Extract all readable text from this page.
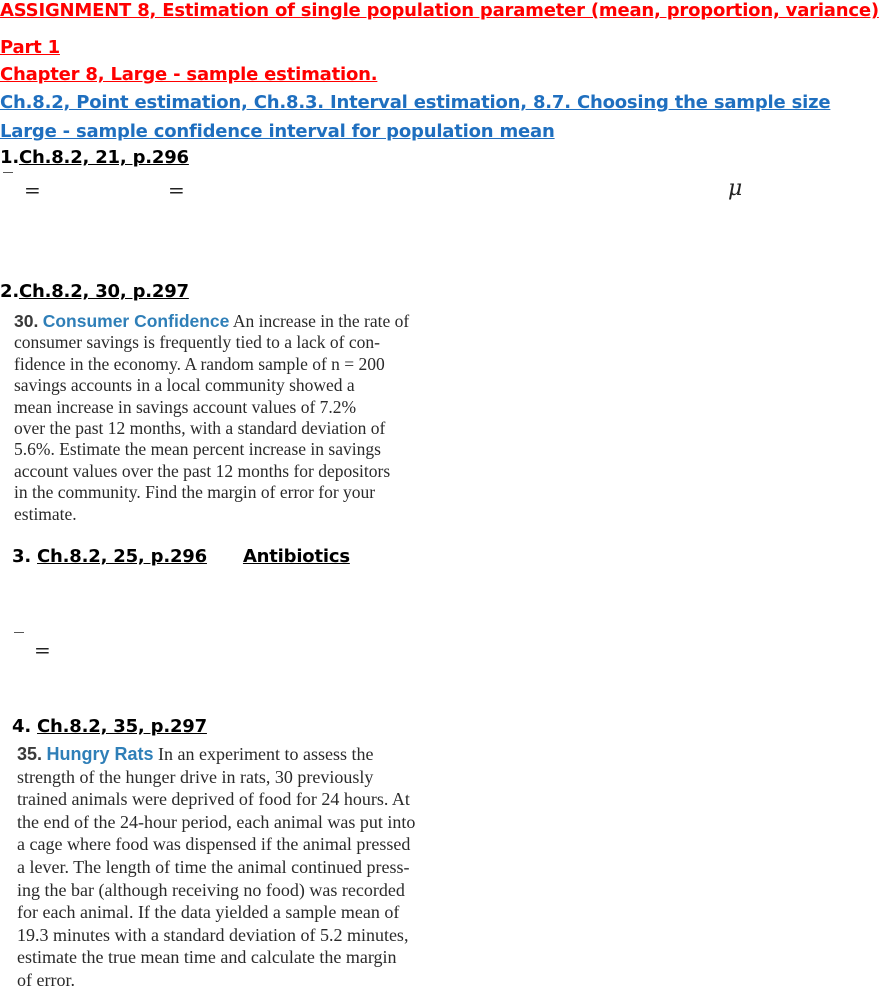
ASSIGNMENT 8, Estimation of single population parameter (mean, proportion, variance)
Part 1
Chapter 8, Large - sample estimation.
Ch.8.2, Point estimation, Ch.8.3. Interval estimation, 8.7. Choosing the sample size
Large - sample confidence interval for population mean
1.Ch.8.2, 21, p.296
‾ =	=	μ
2.Ch.8.2, 30, p.297
30. Consumer Confidence An increase in the rate of
consumer savings is frequently tied to a lack of con-
fidence in the economy. A random sample of n = 200
savings accounts in a local community showed a
mean increase in savings account values of 7.2%
over the past 12 months, with a standard deviation of
5.6%. Estimate the mean percent increase in savings
account values over the past 12 months for depositors
in the community. Find the margin of error for your
estimate.
3. Ch.8.2, 25, p.296 Antibiotics
‾ =
4. Ch.8.2, 35, p.297
35. Hungry Rats In an experiment to assess the
strength of the hunger drive in rats, 30 previously
trained animals were deprived of food for 24 hours. At
the end of the 24-hour period, each animal was put into
a cage where food was dispensed if the animal pressed
a lever. The length of time the animal continued press-
ing the bar (although receiving no food) was recorded
for each animal. If the data yielded a sample mean of
19.3 minutes with a standard deviation of 5.2 minutes,
estimate the true mean time and calculate the margin
of error.
